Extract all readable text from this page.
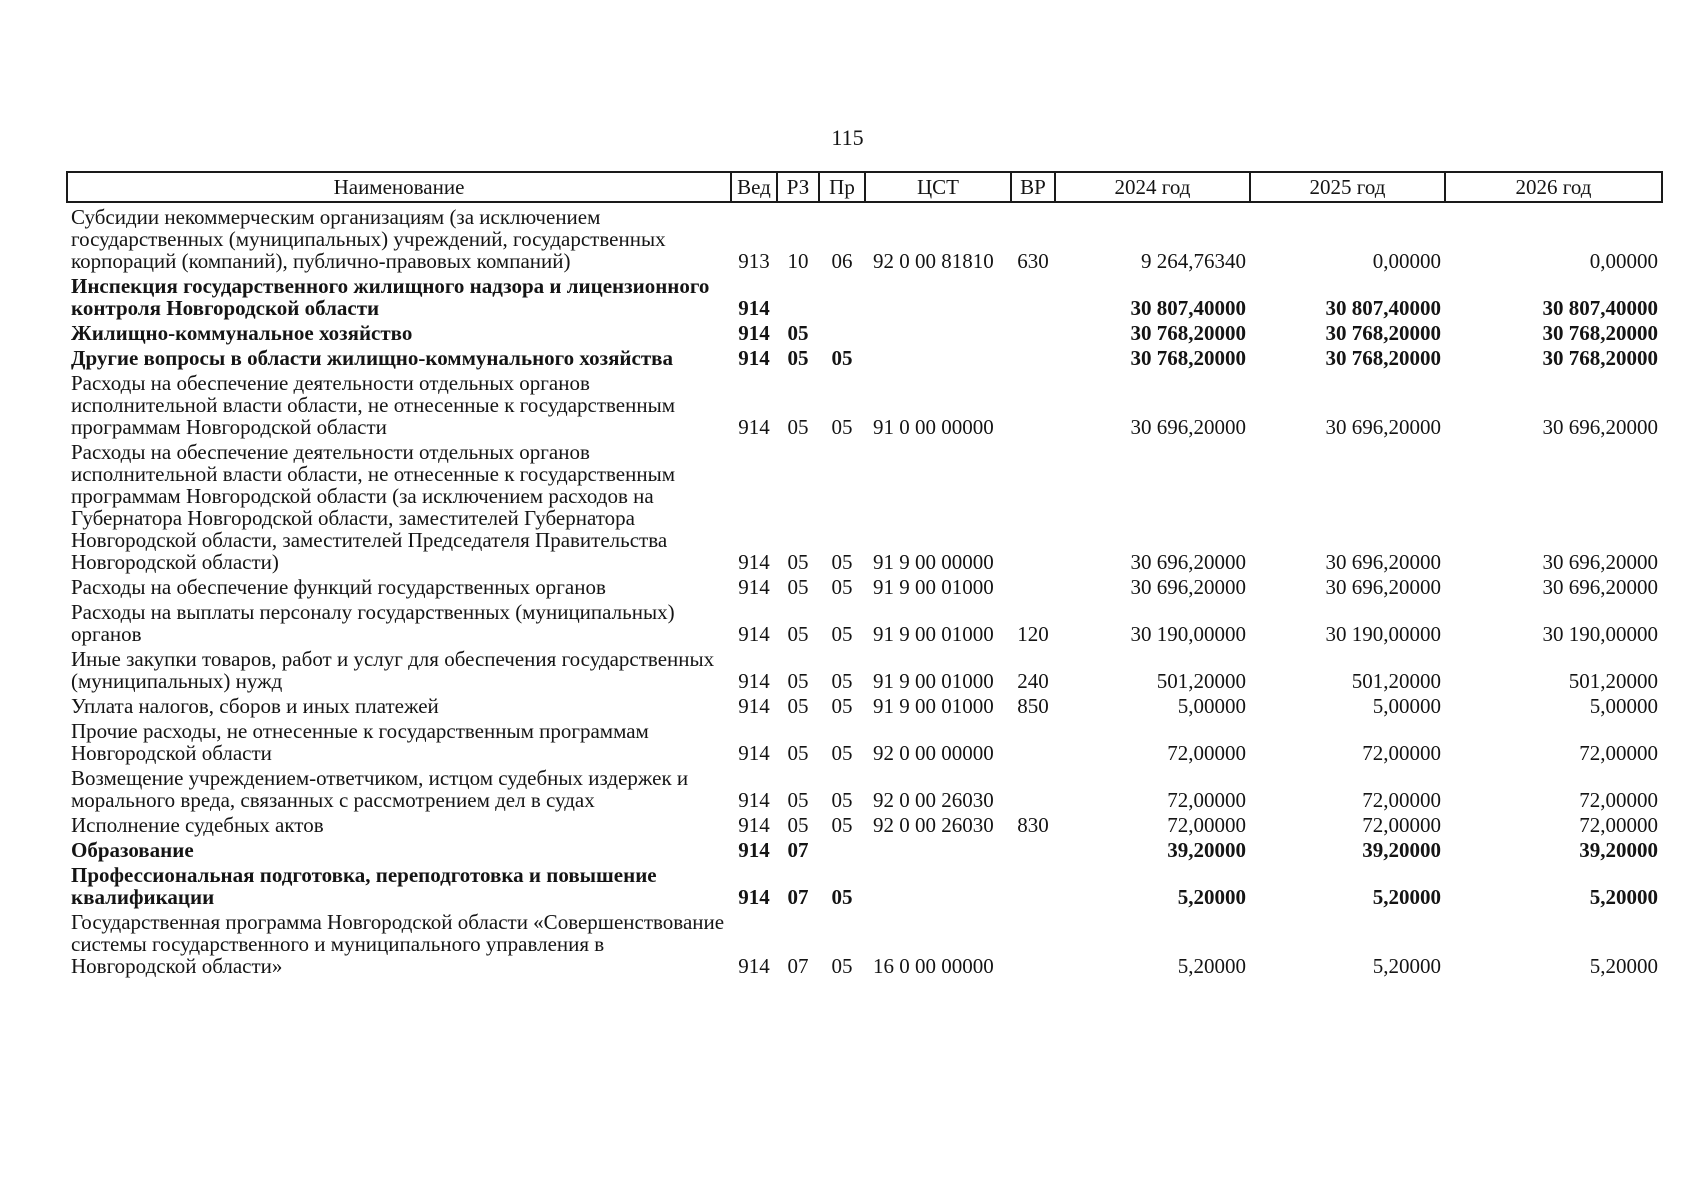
115
Наименование	Вед	РЗ	Пр	ЦСТ	ВР	2024 год	2025 год	2026 год
Субсидии некоммерческим организациям (за исключением государственных (муниципальных) учреждений, государственных корпораций (компаний), публично-правовых компаний)	913	10	06	92 0 00 81810	630	9 264,76340	0,00000	0,00000
Инспекция государственного жилищного надзора и лицензионного контроля Новгородской области	914					30 807,40000	30 807,40000	30 807,40000
Жилищно-коммунальное хозяйство	914	05				30 768,20000	30 768,20000	30 768,20000
Другие вопросы в области жилищно-коммунального хозяйства	914	05	05			30 768,20000	30 768,20000	30 768,20000
Расходы на обеспечение деятельности отдельных органов исполнительной власти области, не отнесенные к государственным программам Новгородской области	914	05	05	91 0 00 00000		30 696,20000	30 696,20000	30 696,20000
Расходы на обеспечение деятельности отдельных органов исполнительной власти области, не отнесенные к государственным программам Новгородской области (за исключением расходов на Губернатора Новгородской области, заместителей Губернатора Новгородской области, заместителей Председателя Правительства Новгородской области)	914	05	05	91 9 00 00000		30 696,20000	30 696,20000	30 696,20000
Расходы на обеспечение функций государственных органов	914	05	05	91 9 00 01000		30 696,20000	30 696,20000	30 696,20000
Расходы на выплаты персоналу государственных (муниципальных) органов	914	05	05	91 9 00 01000	120	30 190,00000	30 190,00000	30 190,00000
Иные закупки товаров, работ и услуг для обеспечения государственных (муниципальных) нужд	914	05	05	91 9 00 01000	240	501,20000	501,20000	501,20000
Уплата налогов, сборов и иных платежей	914	05	05	91 9 00 01000	850	5,00000	5,00000	5,00000
Прочие расходы, не отнесенные к государственным программам Новгородской области	914	05	05	92 0 00 00000		72,00000	72,00000	72,00000
Возмещение учреждением-ответчиком, истцом судебных издержек и морального вреда, связанных с рассмотрением дел в судах	914	05	05	92 0 00 26030		72,00000	72,00000	72,00000
Исполнение судебных актов	914	05	05	92 0 00 26030	830	72,00000	72,00000	72,00000
Образование	914	07				39,20000	39,20000	39,20000
Профессиональная подготовка, переподготовка и повышение квалификации	914	07	05			5,20000	5,20000	5,20000
Государственная программа Новгородской области «Совершенствование системы государственного и муниципального управления в Новгородской области»	914	07	05	16 0 00 00000		5,20000	5,20000	5,20000
